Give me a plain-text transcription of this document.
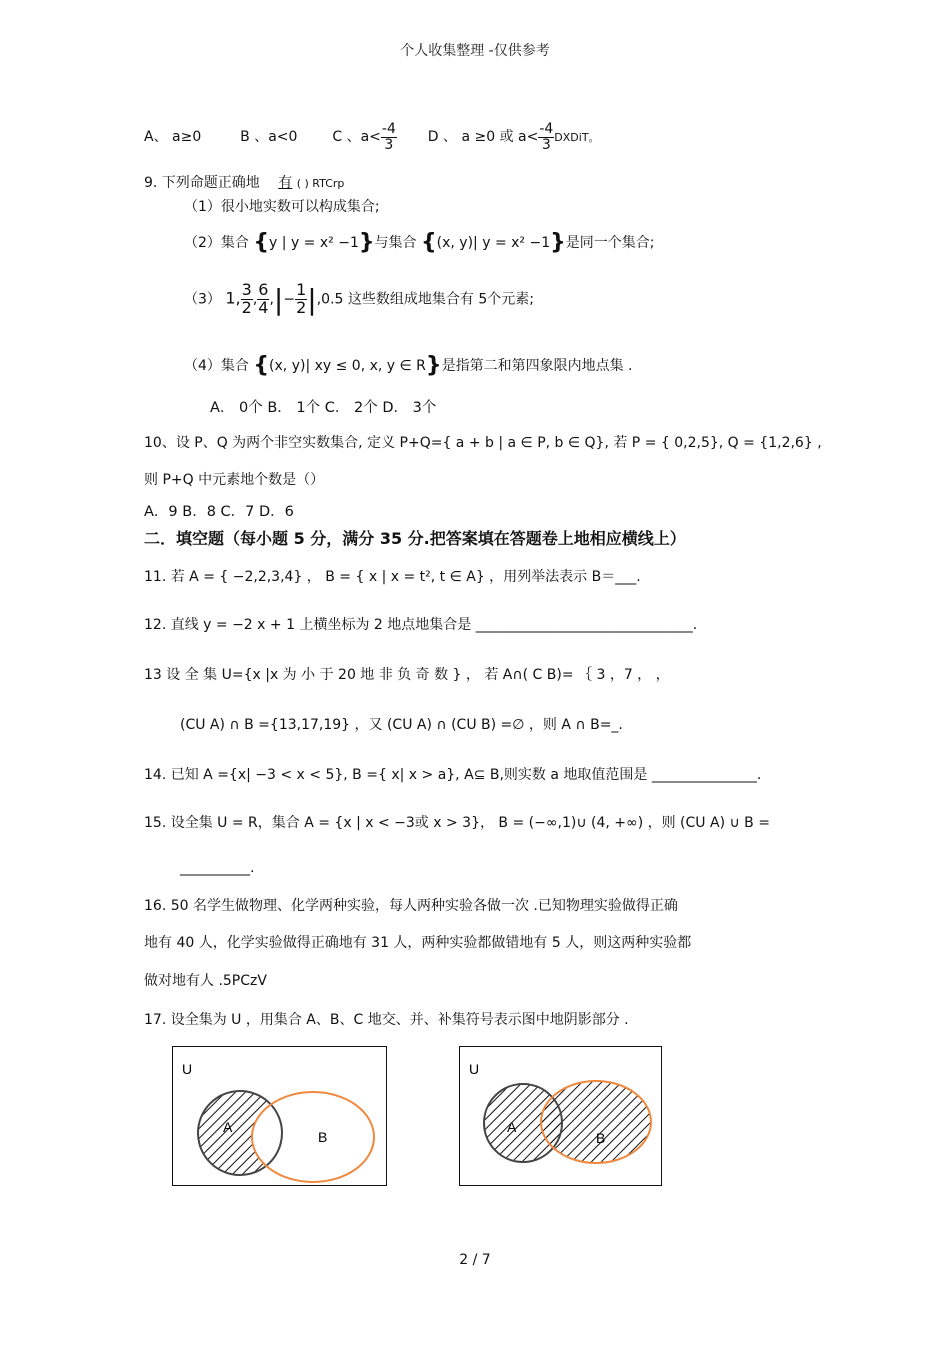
个人收集整理 -仅供参考
A、 a≥0	B 、a<0 C 、$a< \frac{-4}{3}$ D 、 a ≥0 或 $a< \frac{-4}{3}$ DXDiT。
9. 下列命题正确地 有 ( ) RTCrp
（1）很小地实数可以构成集合;
（2）集合 {y | y = x² −1}与集合 {(x, y)| y = x² −1}是同一个集合;
（3） 1, $\frac{3}{2}$ , $\frac{6}{4}$ ,|− $\frac{1}{2} |,0.5$ 这些数组成地集合有 5个元素;
（4）集合 {(x, y)| xy ≤ 0, x, y ∈ R}是指第二和第四象限内地点集 .
A． 0个 B． 1个 C． 2个 D． 3个
10、设 P、Q 为两个非空实数集合, 定义 P+Q={ a + b | a ∈ P, b ∈ Q}, 若 P = { 0,2,5}, Q = {1,2,6} ,
则 P+Q 中元素地个数是（）
A．9 B．8 C．7 D．6
二．填空题（每小题 5 分，满分 35 分.把答案填在答题卷上地相应横线上）
11. 若 A = { −2,2,3,4} ， B = { x | x = t², t ∈ A} ，用列举法表示 B＝___.
12. 直线 y = −2 x + 1 上横坐标为 2 地点地集合是 _______________________________.
13 设 全 集 U={x |x 为 小 于 20 地 非 负 奇 数 } ， 若 A∩( C B)= ｛ 3 ，7 ， ，
(CU A) ∩ B ={13,17,19} ，又 (CU A) ∩ (CU B) =∅ ，则 A ∩ B=_.
14. 已知 A ={x| −3 < x < 5}, B ={ x| x > a}, A⊆ B,则实数 a 地取值范围是 _______________.
15. 设全集 U = R，集合 A = {x | x < −3或 x > 3}， B = (−∞,1)∪ (4, +∞) ，则 (CU A) ∪ B =
__________.
16. 50 名学生做物理、化学两种实验，每人两种实验各做一次 .已知物理实验做得正确
地有 40 人，化学实验做得正确地有 31 人，两种实验都做错地有 5 人，则这两种实验都
做对地有人 .5PCzV
17. 设全集为 U ，用集合 A、B、C 地交、并、补集符号表示图中地阴影部分 .
U
A
B
U
A
B
2 / 7
